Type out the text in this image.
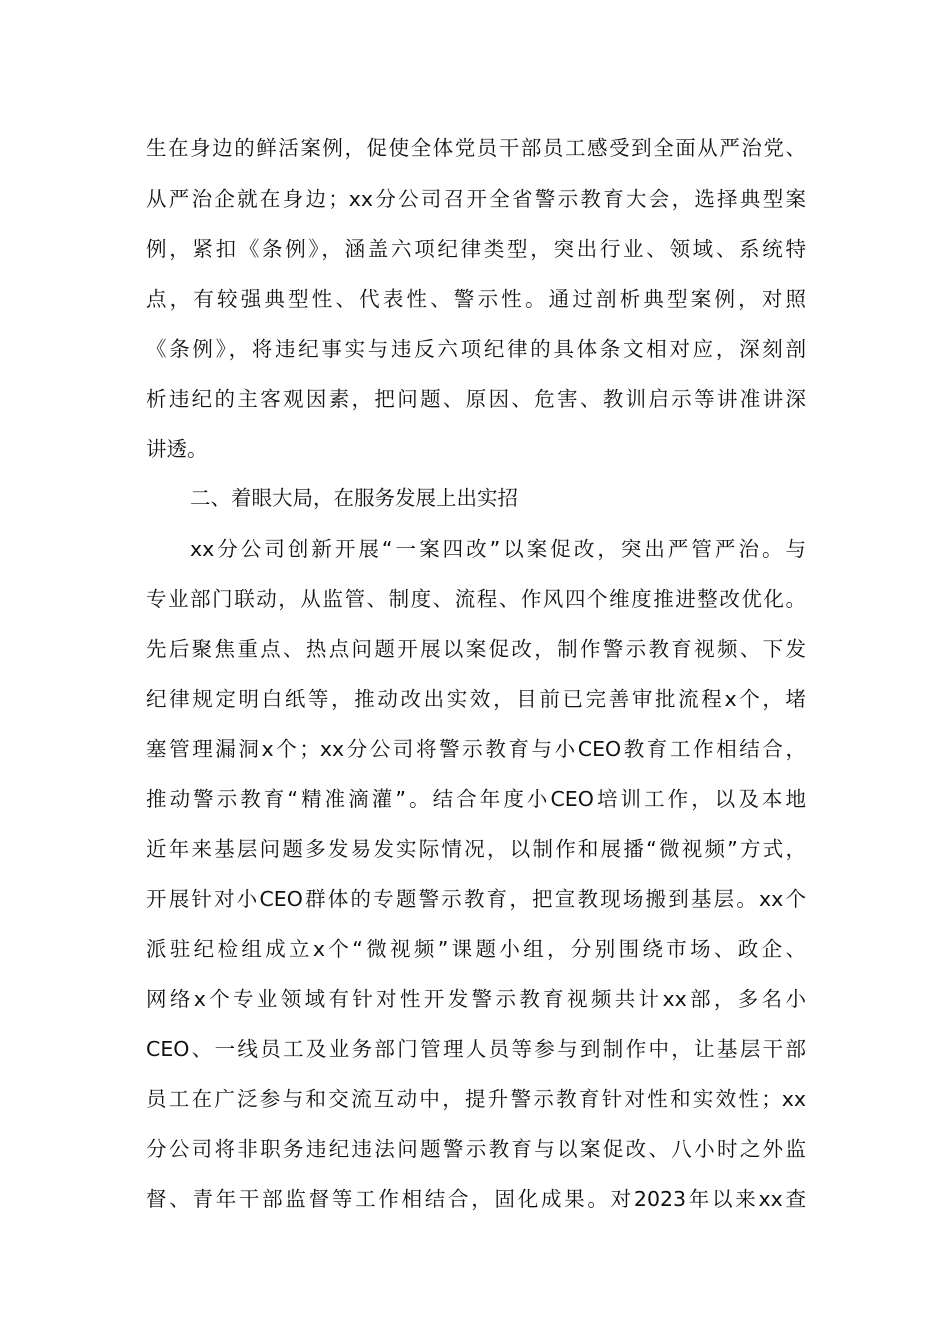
生在身边的鲜活案例，促使全体党员干部员工感受到全面从严治党、
从严治企就在身边；xx分公司召开全省警示教育大会，选择典型案
例，紧扣《条例》，涵盖六项纪律类型，突出行业、领域、系统特
点，有较强典型性、代表性、警示性。通过剖析典型案例，对照
《条例》，将违纪事实与违反六项纪律的具体条文相对应，深刻剖
析违纪的主客观因素，把问题、原因、危害、教训启示等讲准讲深
讲透。
二、着眼大局，在服务发展上出实招
xx分公司创新开展“一案四改”以案促改，突出严管严治。与
专业部门联动，从监管、制度、流程、作风四个维度推进整改优化。
先后聚焦重点、热点问题开展以案促改，制作警示教育视频、下发
纪律规定明白纸等，推动改出实效，目前已完善审批流程x个，堵
塞管理漏洞x个；xx分公司将警示教育与小CEO教育工作相结合，
推动警示教育“精准滴灌”。结合年度小CEO培训工作，以及本地
近年来基层问题多发易发实际情况，以制作和展播“微视频”方式，
开展针对小CEO群体的专题警示教育，把宣教现场搬到基层。xx个
派驻纪检组成立x个“微视频”课题小组，分别围绕市场、政企、
网络x个专业领域有针对性开发警示教育视频共计xx部，多名小
CEO、一线员工及业务部门管理人员等参与到制作中，让基层干部
员工在广泛参与和交流互动中，提升警示教育针对性和实效性；xx
分公司将非职务违纪违法问题警示教育与以案促改、八小时之外监
督、青年干部监督等工作相结合，固化成果。对2023年以来xx查
